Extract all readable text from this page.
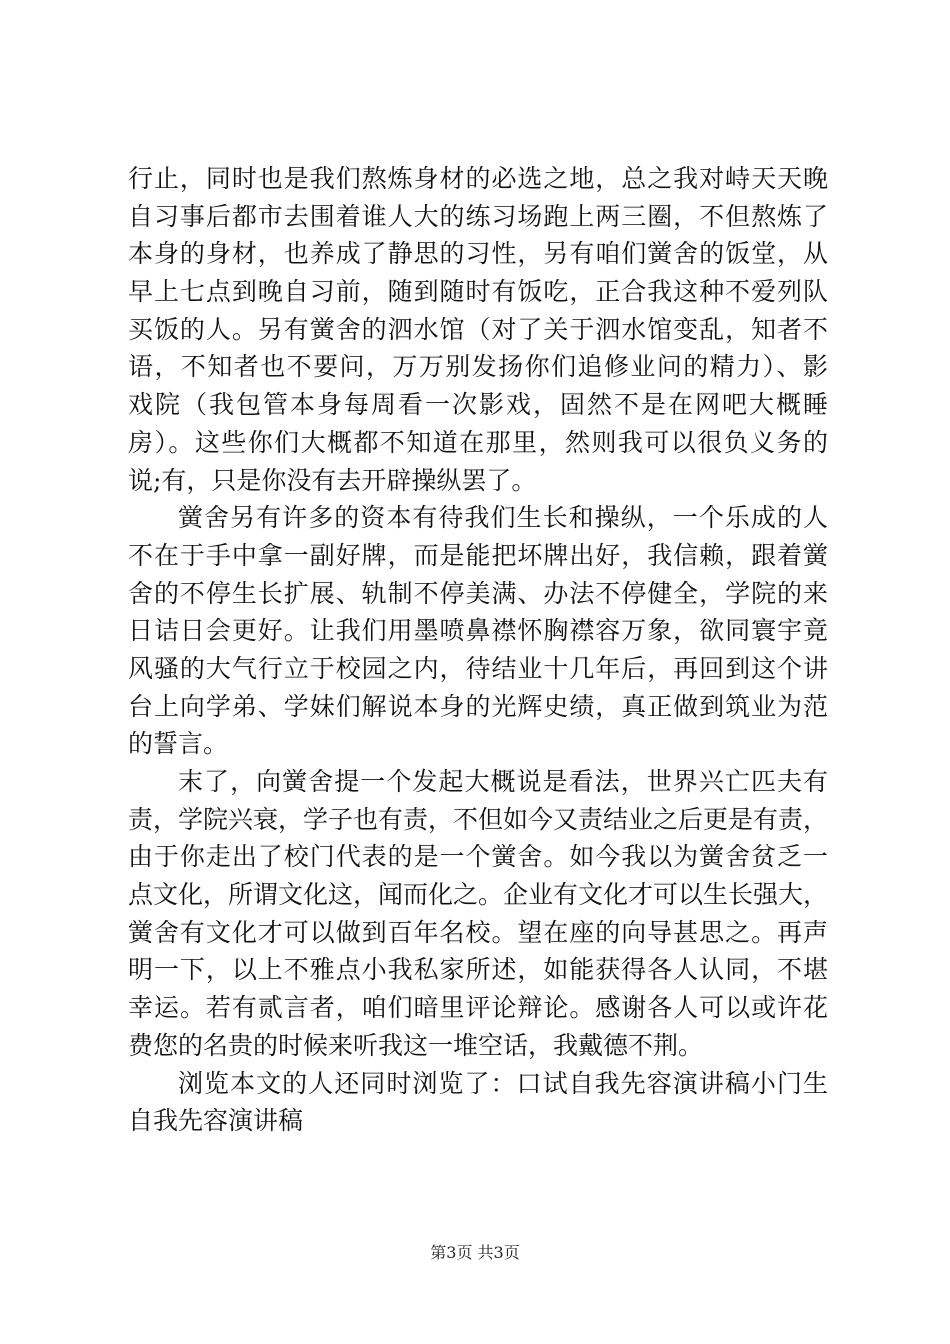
行止，同时也是我们熬炼身材的必选之地，总之我对峙天天晚
自习事后都市去围着谁人大的练习场跑上两三圈，不但熬炼了
本身的身材，也养成了静思的习性，另有咱们黉舍的饭堂，从
早上七点到晚自习前，随到随时有饭吃，正合我这种不爱列队
买饭的人。另有黉舍的泗水馆（对了关于泗水馆变乱，知者不
语，不知者也不要问，万万别发扬你们追修业问的精力）、影
戏院（我包管本身每周看一次影戏，固然不是在网吧大概睡
房）。这些你们大概都不知道在那里，然则我可以很负义务的
说;有，只是你没有去开辟操纵罢了。
黉舍另有许多的资本有待我们生长和操纵，一个乐成的人
不在于手中拿一副好牌，而是能把坏牌出好，我信赖，跟着黉
舍的不停生长扩展、轨制不停美满、办法不停健全，学院的来
日诘日会更好。让我们用墨喷鼻襟怀胸襟容万象，欲同寰宇竟
风骚的大气行立于校园之内，待结业十几年后，再回到这个讲
台上向学弟、学妹们解说本身的光辉史绩，真正做到筑业为范
的誓言。
末了，向黉舍提一个发起大概说是看法，世界兴亡匹夫有
责，学院兴衰，学子也有责，不但如今又责结业之后更是有责，
由于你走出了校门代表的是一个黉舍。如今我以为黉舍贫乏一
点文化，所谓文化这，闻而化之。企业有文化才可以生长强大，
黉舍有文化才可以做到百年名校。望在座的向导甚思之。再声
明一下，以上不雅点小我私家所述，如能获得各人认同，不堪
幸运。若有贰言者，咱们暗里评论辩论。感谢各人可以或许花
费您的名贵的时候来听我这一堆空话，我戴德不荆。
浏览本文的人还同时浏览了：口试自我先容演讲稿小门生
自我先容演讲稿
第3页 共3页
